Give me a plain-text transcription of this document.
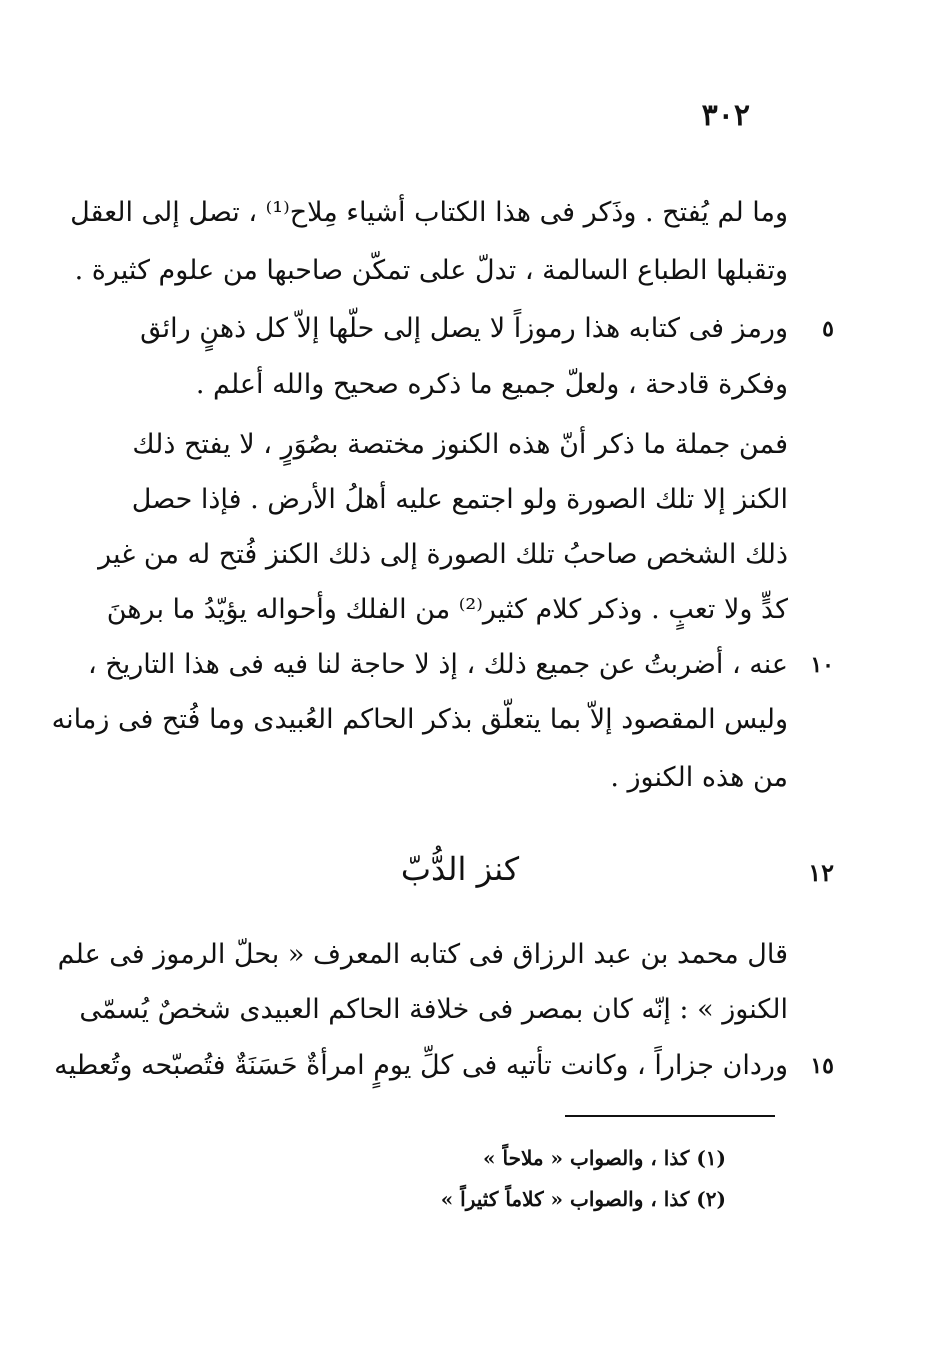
٣٠٢
وما لم يُفتح . وذَكر فى هذا الكتاب أشياء مِلاح⁽¹⁾ ، تصل إلى العقل
وتقبلها الطباع السالمة ، تدلّ على تمكّن صاحبها من علوم كثيرة .
٥
ورمز فى كتابه هذا رموزاً لا يصل إلى حلّها إلاّ كل ذهنٍ رائق
وفكرة قادحة ، ولعلّ جميع ما ذكره صحيح والله أعلم .
فمن جملة ما ذكر أنّ هذه الكنوز مختصة بصُوَرٍ ، لا يفتح ذلك
الكنز إلا تلك الصورة ولو اجتمع عليه أهلُ الأرض . فإذا حصل
ذلك الشخص صاحبُ تلك الصورة إلى ذلك الكنز فُتح له من غير
كدٍّ ولا تعبٍ . وذكر كلام كثير⁽²⁾ من الفلك وأحواله يؤيّدُ ما برهنَ
١٠
عنه ، أضربتُ عن جميع ذلك ، إذ لا حاجة لنا فيه فى هذا التاريخ ،
وليس المقصود إلاّ بما يتعلّق بذكر الحاكم العُبيدى وما فُتح فى زمانه
من هذه الكنوز .
كنز الدُّبّ	١٢
قال محمد بن عبد الرزاق فى كتابه المعرف « بحلّ الرموز فى علم
الكنوز » : إنّه كان بمصر فى خلافة الحاكم العبيدى شخصٌ يُسمّى
١٥
وردان جزاراً ، وكانت تأتيه فى كلِّ يومٍ امرأةٌ حَسَنَةٌ فتُصبّحه وتُعطيه
(١) كذا ، والصواب « ملاحاً »
(٢) كذا ، والصواب « كلاماً كثيراً »
